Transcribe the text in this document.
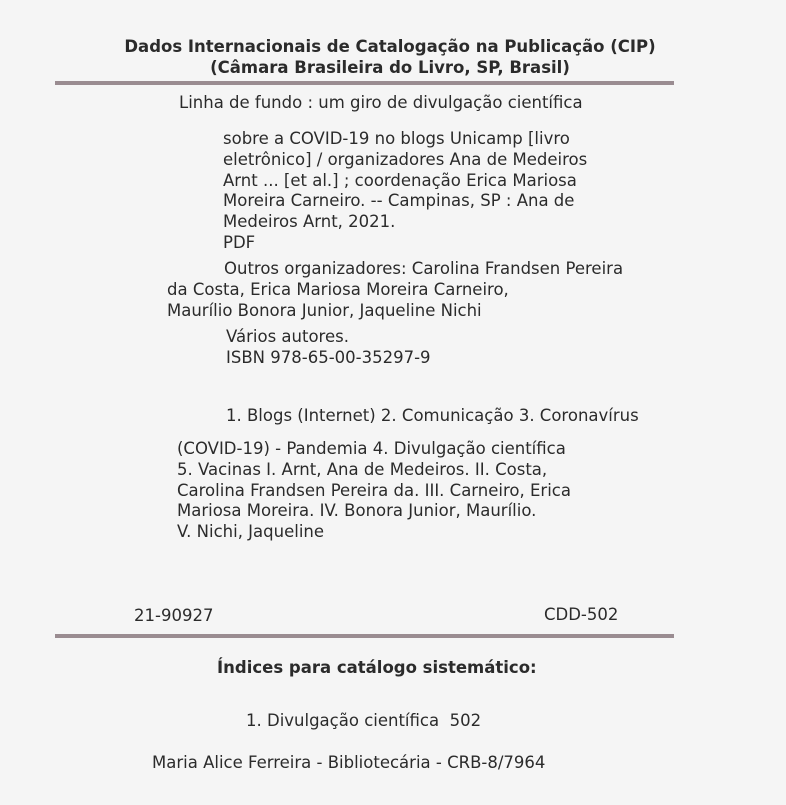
Dados Internacionais de Catalogação na Publicação (CIP)
(Câmara Brasileira do Livro, SP, Brasil)
Linha de fundo : um giro de divulgação científica
sobre a COVID-19 no blogs Unicamp [livro
eletrônico] / organizadores Ana de Medeiros
Arnt ... [et al.] ; coordenação Erica Mariosa
Moreira Carneiro. -- Campinas, SP : Ana de
Medeiros Arnt, 2021.
PDF
Outros organizadores: Carolina Frandsen Pereira
da Costa, Erica Mariosa Moreira Carneiro,
Maurílio Bonora Junior, Jaqueline Nichi
Vários autores.
ISBN 978-65-00-35297-9
1. Blogs (Internet) 2. Comunicação 3. Coronavírus
(COVID-19) - Pandemia 4. Divulgação científica
5. Vacinas I. Arnt, Ana de Medeiros. II. Costa,
Carolina Frandsen Pereira da. III. Carneiro, Erica
Mariosa Moreira. IV. Bonora Junior, Maurílio.
V. Nichi, Jaqueline
21-90927	CDD-502
Índices para catálogo sistemático:
1. Divulgação científica  502
Maria Alice Ferreira - Bibliotecária - CRB-8/7964
